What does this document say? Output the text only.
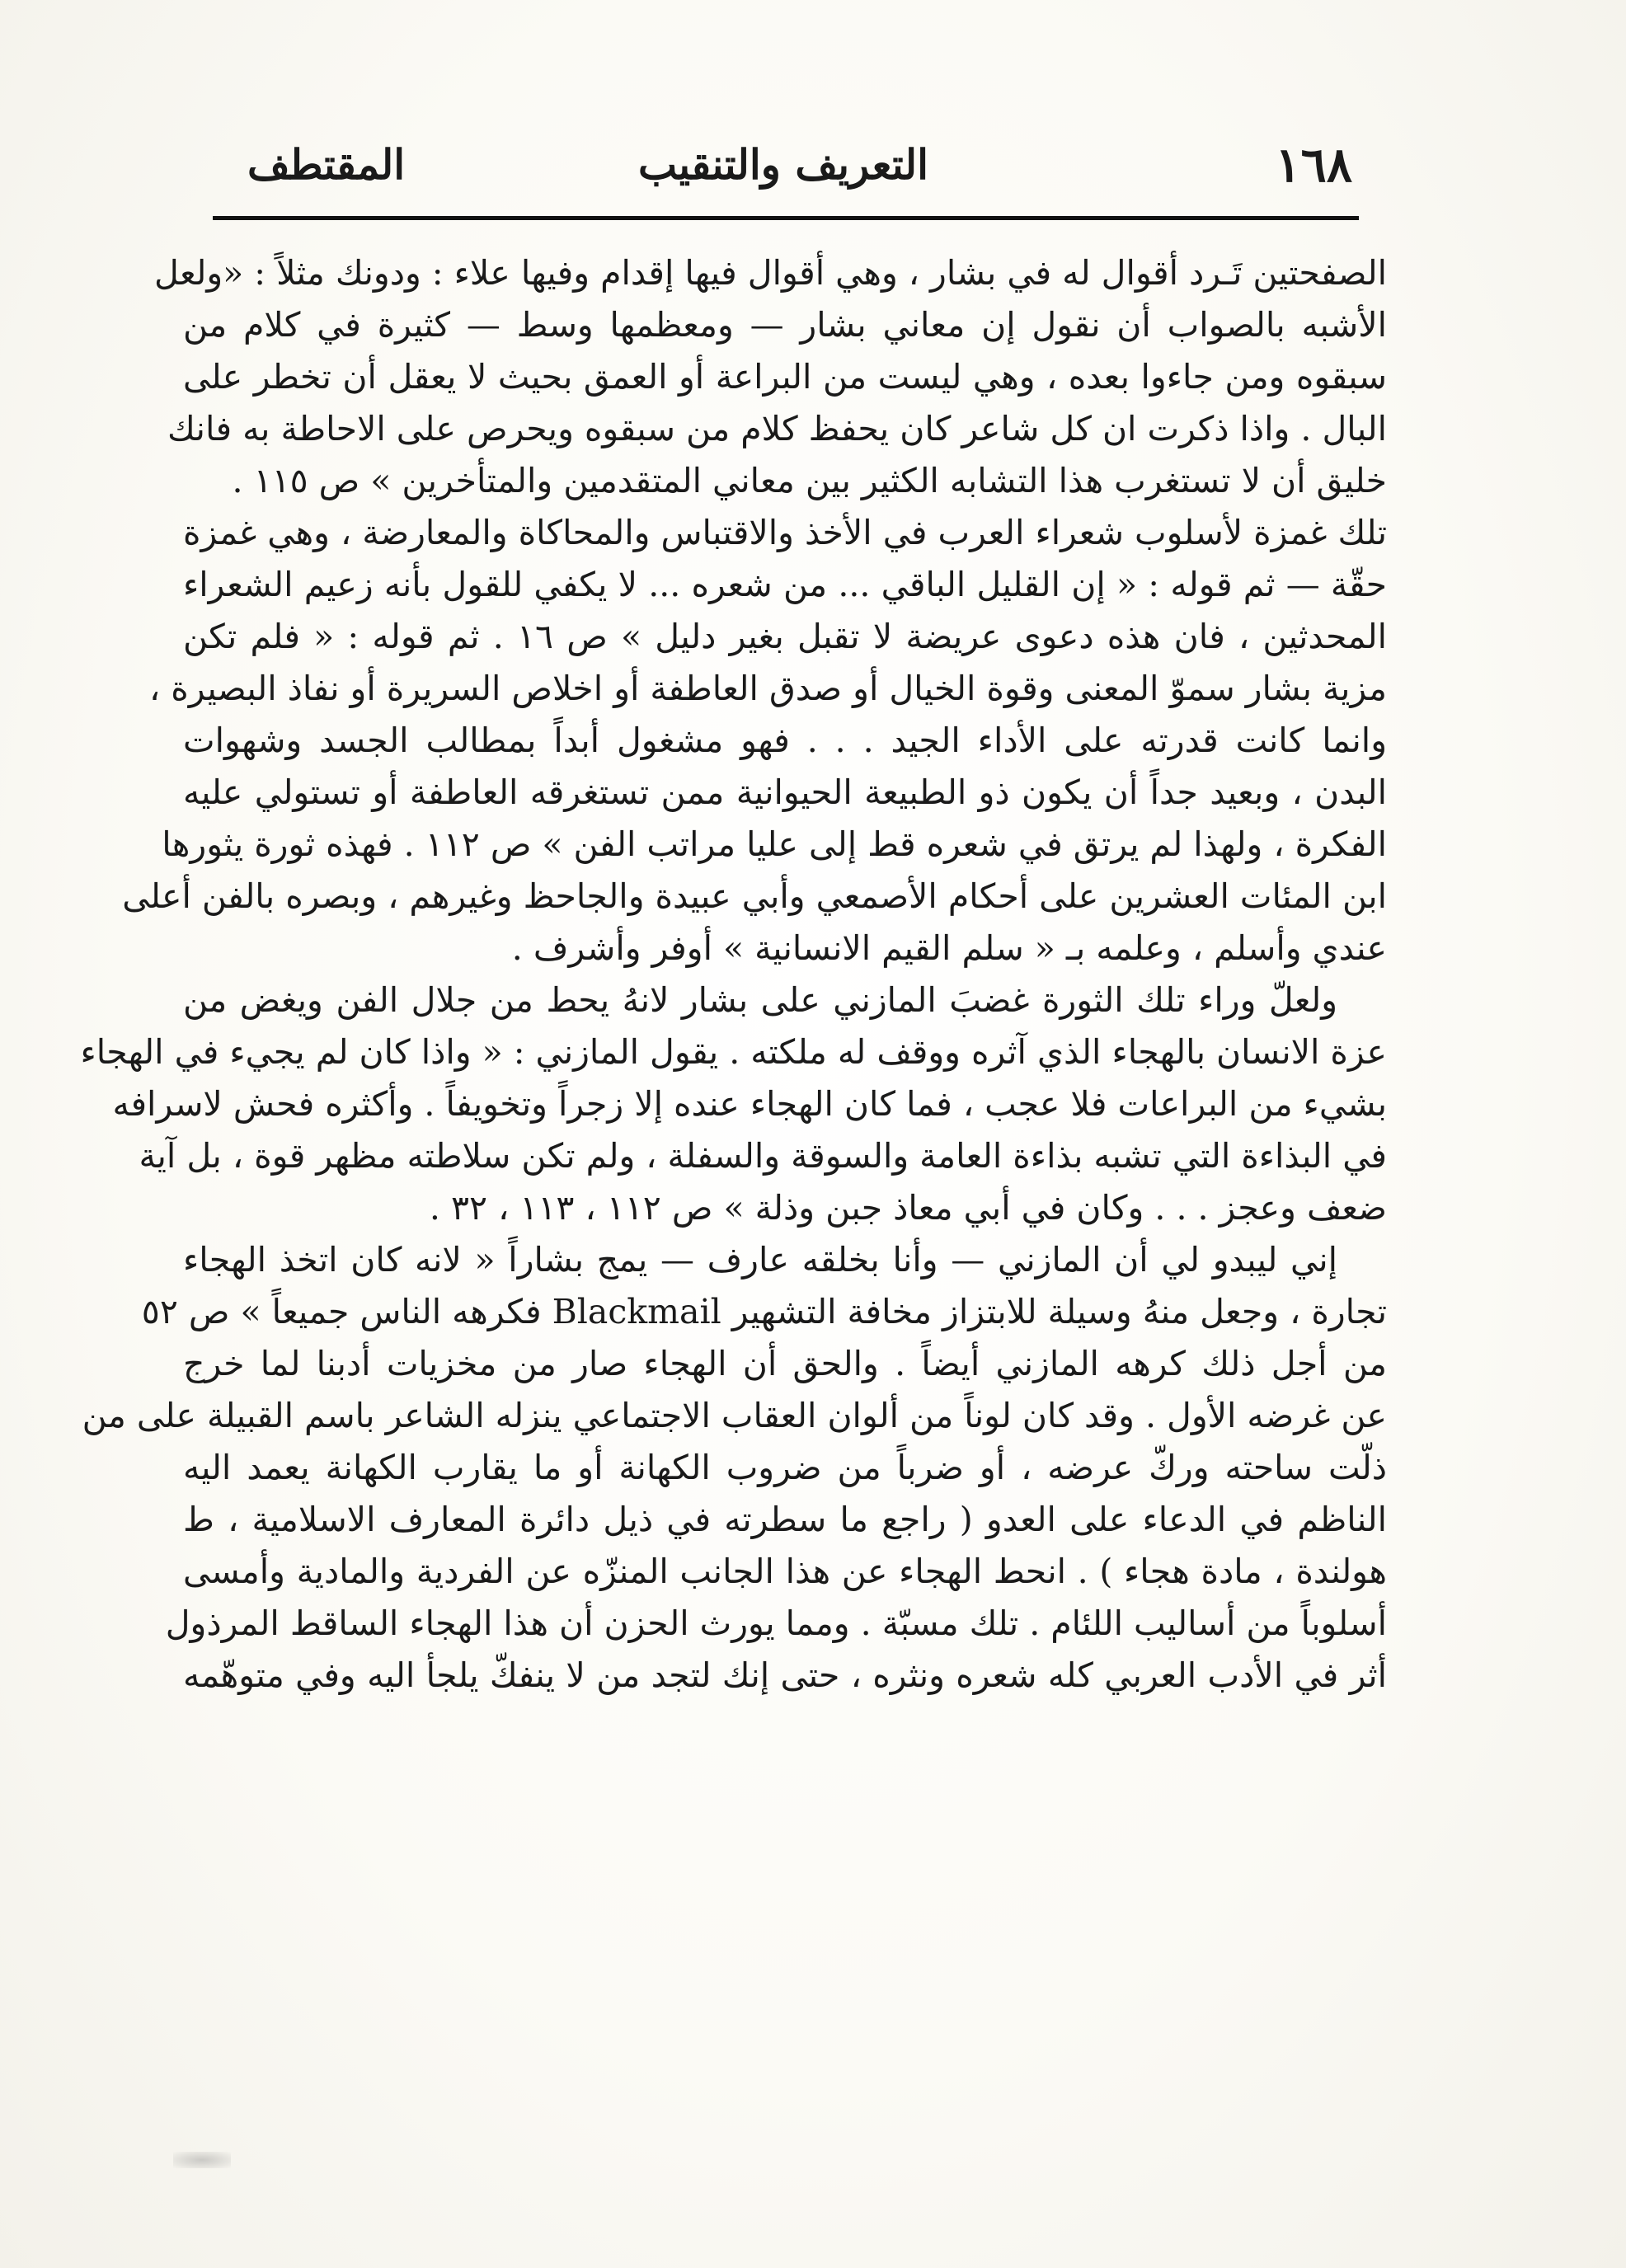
١٦٨
التعريف والتنقيب
المقتطف
الصفحتين تَـرد أقوال له في بشار ، وهي أقوال فيها إقدام وفيها علاء : ودونك مثلاً : «ولعل
الأشبه بالصواب أن نقول إن معاني بشار — ومعظمها وسط — كثيرة في كلام من
سبقوه ومن جاءوا بعده ، وهي ليست من البراعة أو العمق بحيث لا يعقل أن تخطر على
البال . واذا ذكرت ان كل شاعر كان يحفظ كلام من سبقوه ويحرص على الاحاطة به فانك
خليق أن لا تستغرب هذا التشابه الكثير بين معاني المتقدمين والمتأخرين » ص ١١٥ .
تلك غمزة لأسلوب شعراء العرب في الأخذ والاقتباس والمحاكاة والمعارضة ، وهي غمزة
حقّة — ثم قوله : « إن القليل الباقي ... من شعره ... لا يكفي للقول بأنه زعيم الشعراء
المحدثين ، فان هذه دعوى عريضة لا تقبل بغير دليل » ص ١٦ . ثم قوله : « فلم تكن
مزية بشار سموّ المعنى وقوة الخيال أو صدق العاطفة أو اخلاص السريرة أو نفاذ البصيرة ،
وانما كانت قدرته على الأداء الجيد . . . فهو مشغول أبداً بمطالب الجسد وشهوات
البدن ، وبعيد جداً أن يكون ذو الطبيعة الحيوانية ممن تستغرقه العاطفة أو تستولي عليه
الفكرة ، ولهذا لم يرتق في شعره قط إلى عليا مراتب الفن » ص ١١٢ . فهذه ثورة يثورها
ابن المئات العشرين على أحكام الأصمعي وأبي عبيدة والجاحظ وغيرهم ، وبصره بالفن أعلى
عندي وأسلم ، وعلمه بـ « سلم القيم الانسانية » أوفر وأشرف .
ولعلّ وراء تلك الثورة غضبَ المازني على بشار لانهُ يحط من جلال الفن ويغض من
عزة الانسان بالهجاء الذي آثره ووقف له ملكته . يقول المازني : « واذا كان لم يجيء في الهجاء
بشيء من البراعات فلا عجب ، فما كان الهجاء عنده إلا زجراً وتخويفاً . وأكثره فحش لاسرافه
في البذاءة التي تشبه بذاءة العامة والسوقة والسفلة ، ولم تكن سلاطته مظهر قوة ، بل آية
ضعف وعجز . . . وكان في أبي معاذ جبن وذلة » ص ١١٢ ، ١١٣ ، ٣٢ .
إني ليبدو لي أن المازني — وأنا بخلقه عارف — يمج بشاراً « لانه كان اتخذ الهجاء
تجارة ، وجعل منهُ وسيلة للابتزاز مخافة التشهير Blackmail فكرهه الناس جميعاً » ص ٥٢
من أجل ذلك كرهه المازني أيضاً . والحق أن الهجاء صار من مخزيات أدبنا لما خرج
عن غرضه الأول . وقد كان لوناً من ألوان العقاب الاجتماعي ينزله الشاعر باسم القبيلة على من
ذلّت ساحته وركّ عرضه ، أو ضرباً من ضروب الكهانة أو ما يقارب الكهانة يعمد اليه
الناظم في الدعاء على العدو ( راجع ما سطرته في ذيل دائرة المعارف الاسلامية ، ط
هولندة ، مادة هجاء ) . انحط الهجاء عن هذا الجانب المنزّه عن الفردية والمادية وأمسى
أسلوباً من أساليب اللئام . تلك مسبّة . ومما يورث الحزن أن هذا الهجاء الساقط المرذول
أثر في الأدب العربي كله شعره ونثره ، حتى إنك لتجد من لا ينفكّ يلجأ اليه وفي متوهّمه
